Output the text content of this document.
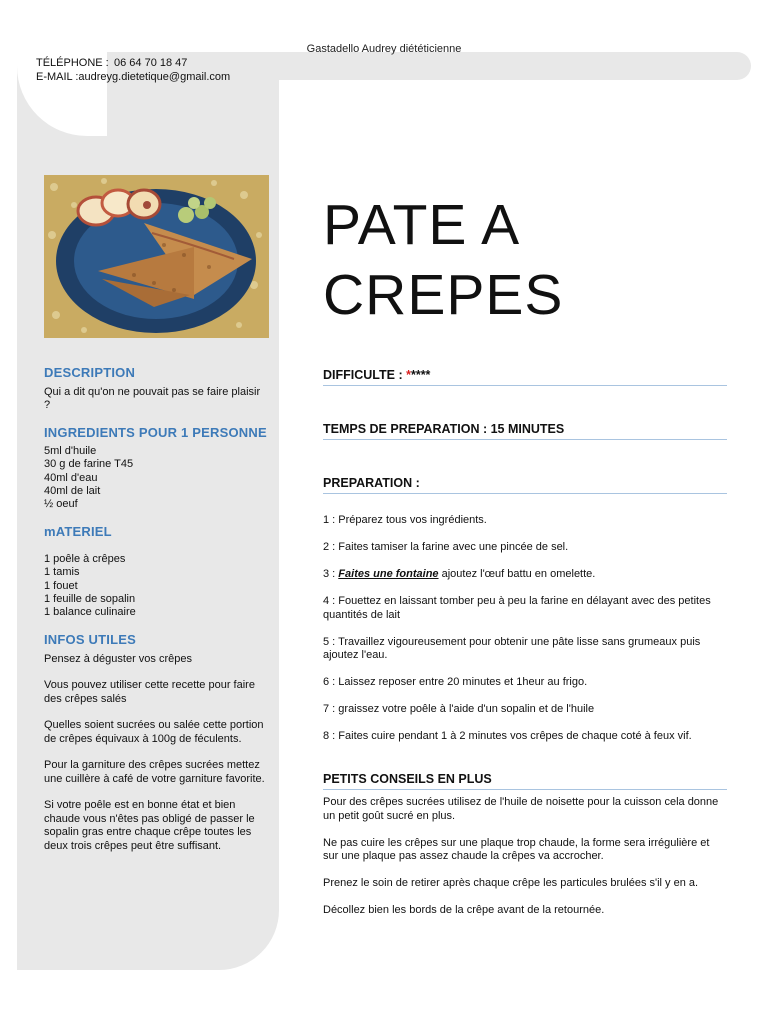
Gastadello Audrey diététicienne
TÉLÉPHONE : 06 64 70 18 47
E-MAIL :audreyg.dietetique@gmail.com
DESCRIPTION

Qui a dit qu'on ne pouvait pas se faire plaisir ?

INGREDIENTS POUR 1 PERSONNE
5ml d'huile
30 g de farine T45
40ml d'eau
40ml de lait
½ oeuf
mATERIEL
1 poêle à crêpes
1 tamis
1 fouet
1 feuille de sopalin
1 balance culinaire
INFOS UTILES

Pensez à déguster vos crêpes

Vous pouvez utiliser cette recette pour faire des crêpes salés

Quelles soient sucrées ou salée cette portion de crêpes équivaux à 100g de féculents.

Pour la garniture des crêpes sucrées mettez une cuillère à café de votre garniture favorite.

Si votre poêle est en bonne état et bien chaude vous n'êtes pas obligé de passer le sopalin gras entre chaque crêpe toutes les deux trois crêpes peut être suffisant.

PATE A
CREPES
DIFFICULTE : *****
TEMPS DE PREPARATION : 15 MINUTES
PREPARATION :
1 : Préparez tous vos ingrédients.
2 : Faites tamiser la farine avec une pincée de sel.
3 : Faites une fontaine ajoutez l'œuf battu en omelette.
4 : Fouettez en laissant tomber peu à peu la farine en délayant avec des petites quantités de lait
5 : Travaillez vigoureusement pour obtenir une pâte lisse sans grumeaux puis ajoutez l'eau.
6 : Laissez reposer entre 20 minutes et 1heur au frigo.
7 : graissez votre poêle à l'aide d'un sopalin et de l'huile
8 : Faites cuire pendant 1 à 2 minutes vos crêpes de chaque coté à feux vif.
PETITS CONSEILS EN PLUS

Pour des crêpes sucrées utilisez de l'huile de noisette pour la cuisson cela donne un petit goût sucré en plus.

Ne pas cuire les crêpes sur une plaque trop chaude, la forme sera irrégulière et sur une plaque pas assez chaude la crêpes va accrocher.

Prenez le soin de retirer après chaque crêpe les particules brulées s'il y en a.

Décollez bien les bords de la crêpe avant de la retournée.
